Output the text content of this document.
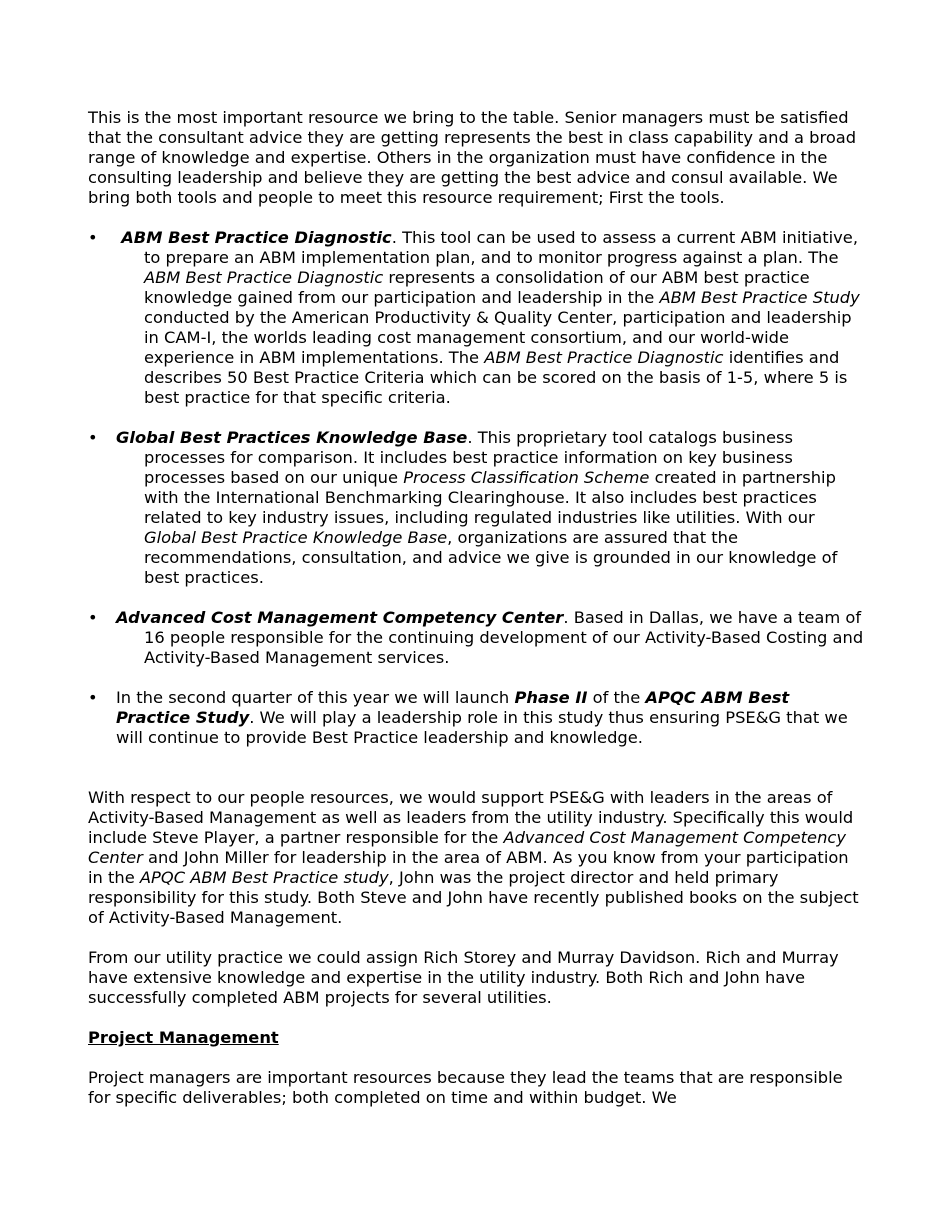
This is the most important resource we bring to the table. Senior managers must be satisfied that the consultant advice they are getting represents the best in class capability and a broad range of knowledge and expertise. Others in the organization must have confidence in the consulting leadership and believe they are getting the best advice and consul available. We bring both tools and people to meet this resource requirement; First the tools.

•	ABM Best Practice Diagnostic. This tool can be used to assess a current ABM initiative, to prepare an ABM implementation plan, and to monitor progress against a plan. The ABM Best Practice Diagnostic represents a consolidation of our ABM best practice knowledge gained from our participation and leadership in the ABM Best Practice Study conducted by the American Productivity & Quality Center, participation and leadership in CAM-I, the worlds leading cost management consortium, and our world-wide experience in ABM implementations. The ABM Best Practice Diagnostic identifies and describes 50 Best Practice Criteria which can be scored on the basis of 1-5, where 5 is best practice for that specific criteria.
•	Global Best Practices Knowledge Base. This proprietary tool catalogs business processes for comparison. It includes best practice information on key business processes based on our unique Process Classification Scheme created in partnership with the International Benchmarking Clearinghouse. It also includes best practices related to key industry issues, including regulated industries like utilities. With our Global Best Practice Knowledge Base, organizations are assured that the recommendations, consultation, and advice we give is grounded in our knowledge of best practices.
•	Advanced Cost Management Competency Center. Based in Dallas, we have a team of 16 people responsible for the continuing development of our Activity-Based Costing and Activity-Based Management services.
•	In the second quarter of this year we will launch Phase II of the APQC ABM Best Practice Study. We will play a leadership role in this study thus ensuring PSE&G that we will continue to provide Best Practice leadership and knowledge.

With respect to our people resources, we would support PSE&G with leaders in the areas of Activity-Based Management as well as leaders from the utility industry. Specifically this would include Steve Player, a partner responsible for the Advanced Cost Management Competency Center and John Miller for leadership in the area of ABM. As you know from your participation in the APQC ABM Best Practice study, John was the project director and held primary responsibility for this study. Both Steve and John have recently published books on the subject of Activity-Based Management.

From our utility practice we could assign Rich Storey and Murray Davidson. Rich and Murray have extensive knowledge and expertise in the utility industry. Both Rich and John have successfully completed ABM projects for several utilities.

Project Management

Project managers are important resources because they lead the teams that are responsible for specific deliverables; both completed on time and within budget. We
